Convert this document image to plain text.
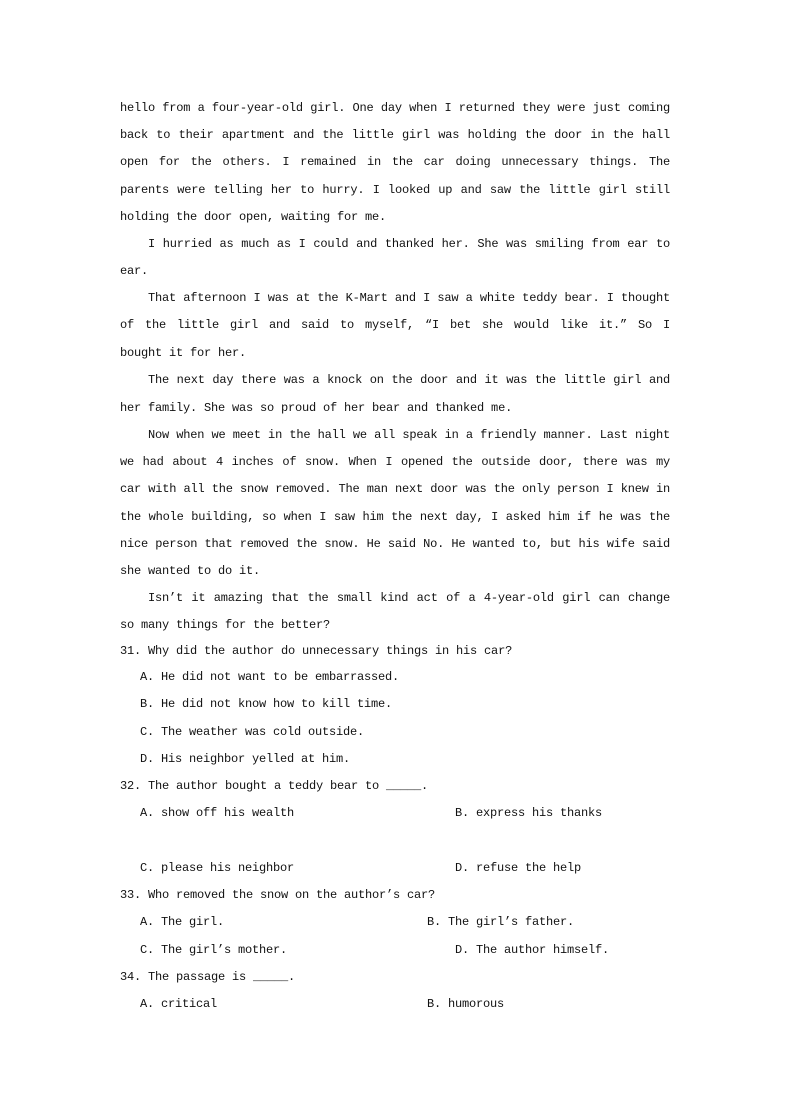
hello from a four-year-old girl. One day when I returned they were just coming
back to their apartment and the little girl was holding the door in the hall
open for the others. I remained in the car doing unnecessary things. The
parents were telling her to hurry. I looked up and saw the little girl still
holding the door open, waiting for me.
I hurried as much as I could and thanked her. She was smiling from ear to
ear.
That afternoon I was at the K-Mart and I saw a white teddy bear. I thought
of the little girl and said to myself, “I bet she would like it.” So I
bought it for her.
The next day there was a knock on the door and it was the little girl and
her family. She was so proud of her bear and thanked me.
Now when we meet in the hall we all speak in a friendly manner. Last night
we had about 4 inches of snow. When I opened the outside door, there was my
car with all the snow removed. The man next door was the only person I knew in
the whole building, so when I saw him the next day, I asked him if he was the
nice person that removed the snow. He said No. He wanted to, but his wife said
she wanted to do it.
Isn’t it amazing that the small kind act of a 4-year-old girl can change
so many things for the better?
31. Why did the author do unnecessary things in his car?
A. He did not want to be embarrassed.
B. He did not know how to kill time.
C. The weather was cold outside.
D. His neighbor yelled at him.
32. The author bought a teddy bear to _____.
A. show off his wealth	B. express his thanks
C. please his neighbor	D. refuse the help
33. Who removed the snow on the author’s car?
A. The girl.	B. The girl’s father.
C. The girl’s mother.	D. The author himself.
34. The passage is _____.
A. critical	B. humorous
